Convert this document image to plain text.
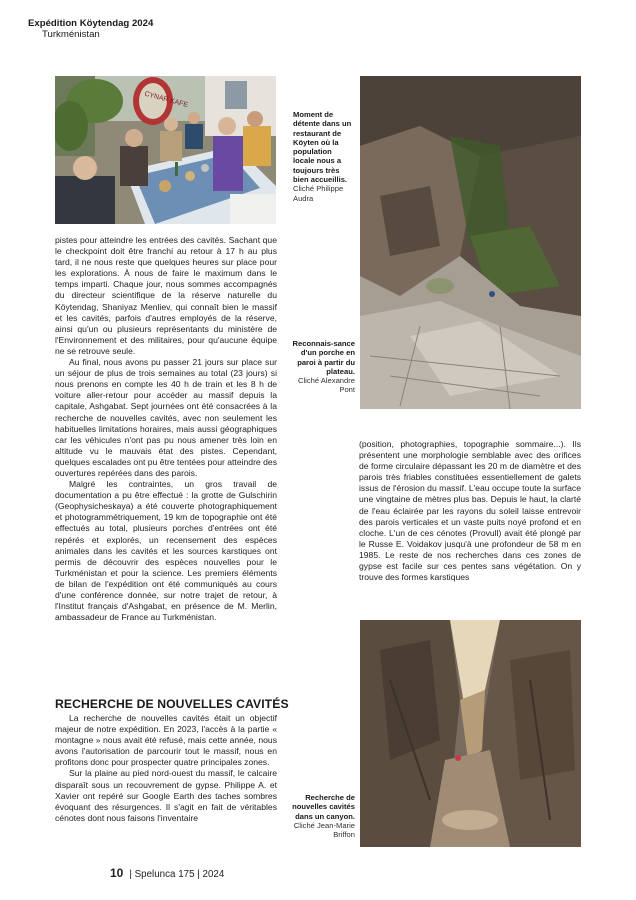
Expédition Köytendag 2024
Turkménistan
CYNAR KAFE
Moment de détente dans un restaurant de Köyten où la population locale nous a toujours très bien accueillis.
Cliché Philippe Audra
Reconnais-sance d'un porche en paroi à partir du plateau.
Cliché Alexandre Pont

pistes pour atteindre les entrées des cavités. Sachant que le checkpoint doit être franchi au retour à 17 h au plus tard, il ne nous reste que quelques heures sur place pour les explorations. À nous de faire le maximum dans le temps imparti. Chaque jour, nous sommes accompagnés du directeur scientifique de la réserve naturelle du Köytendag, Shaniyaz Menliev, qui connaît bien le massif et les cavités, parfois d'autres employés de la réserve, ainsi qu'un ou plusieurs représentants du ministère de l'Environnement et des militaires, pour qu'aucune équipe ne se retrouve seule.

Au final, nous avons pu passer 21 jours sur place sur un séjour de plus de trois semaines au total (23 jours) si nous prenons en compte les 40 h de train et les 8 h de voiture aller-retour pour accéder au massif depuis la capitale, Ashgabat. Sept journées ont été consacrées à la recherche de nouvelles cavités, avec non seulement les habituelles limitations horaires, mais aussi géographiques car les véhicules n'ont pas pu nous amener très loin en altitude vu le mauvais état des pistes. Cependant, quelques escalades ont pu être tentées pour atteindre des ouvertures repérées dans des parois.

Malgré les contraintes, un gros travail de documentation a pu être effectué : la grotte de Gulschirin (Geophysicheskaya) a été couverte photographiquement et photogrammétriquement, 19 km de topographie ont été effectués au total, plusieurs porches d'entrées ont été repérés et explorés, un recensement des espèces animales dans les cavités et les sources karstiques ont permis de découvrir des espèces nouvelles pour le Turkménistan et pour la science. Les premiers éléments de bilan de l'expédition ont été communiqués au cours d'une conférence donnée, sur notre trajet de retour, à l'Institut français d'Ashgabat, en présence de M. Merlin, ambassadeur de France au Turkménistan.

RECHERCHE DE NOUVELLES CAVITÉS

La recherche de nouvelles cavités était un objectif majeur de notre expédition. En 2023, l'accès à la partie « montagne » nous avait été refusé, mais cette année, nous avons l'autorisation de parcourir tout le massif, nous en profitons donc pour prospecter quatre principales zones.

Sur la plaine au pied nord-ouest du massif, le calcaire disparaît sous un recouvrement de gypse. Philippe A. et Xavier ont repéré sur Google Earth des taches sombres évoquant des résurgences. Il s'agit en fait de véritables cénotes dont nous faisons l'inventaire

(position, photographies, topographie sommaire...). Ils présentent une morphologie semblable avec des orifices de forme circulaire dépassant les 20 m de diamètre et des parois très friables constituées essentiellement de galets issus de l'érosion du massif. L'eau occupe toute la surface une vingtaine de mètres plus bas. Depuis le haut, la clarté de l'eau éclairée par les rayons du soleil laisse entrevoir des parois verticales et un vaste puits noyé profond et en cloche. L'un de ces cénotes (Provull) avait été plongé par le Russe E. Voidakov jusqu'à une profondeur de 58 m en 1985. Le reste de nos recherches dans ces zones de gypse est facile sur ces pentes sans végétation. On y trouve des formes karstiques

Recherche de nouvelles cavités dans un canyon.
Cliché Jean-Marie Briffon
10 | Spelunca 175 | 2024
